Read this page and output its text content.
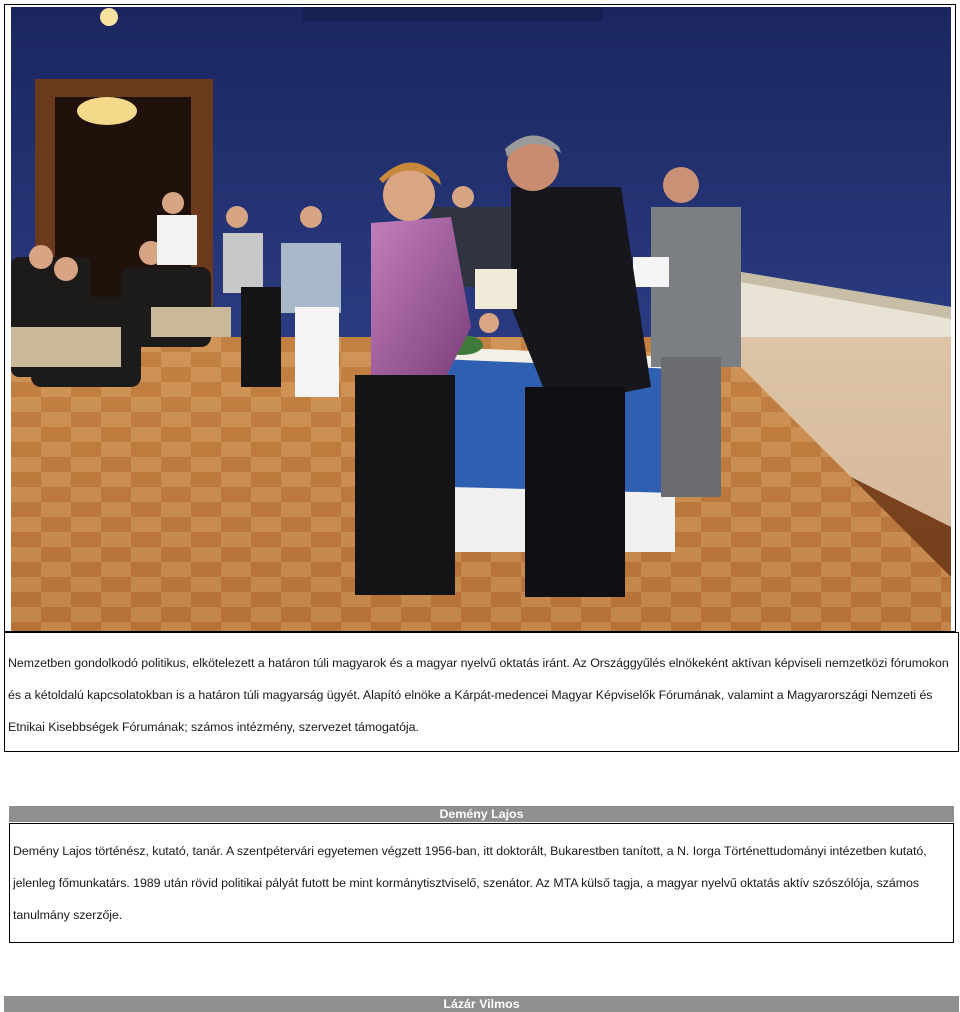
Nemzetben gondolkodó politikus, elkötelezett a határon túli magyarok és a magyar nyelvű oktatás iránt. Az Országgyűlés elnökeként aktívan képviseli nemzetközi fórumokon és a kétoldalú kapcsolatokban is a határon túli magyarság ügyét. Alapító elnöke a Kárpát-medencei Magyar Képviselők Fórumának, valamint a Magyarországi Nemzeti és Etnikai Kisebbségek Fórumának; számos intézmény, szervezet támogatója.

Demény Lajos

Demény Lajos történész, kutató, tanár. A szentpétervári egyetemen végzett 1956-ban, itt doktorált, Bukarestben tanított, a N. Iorga Történettudományi intézetben kutató, jelenleg főmunkatárs. 1989 után rövid politikai pályát futott be mint kormánytisztviselő, szenátor. Az MTA külső tagja, a magyar nyelvű oktatás aktív szószólója, számos tanulmány szerzője.

Lázár Vilmos
